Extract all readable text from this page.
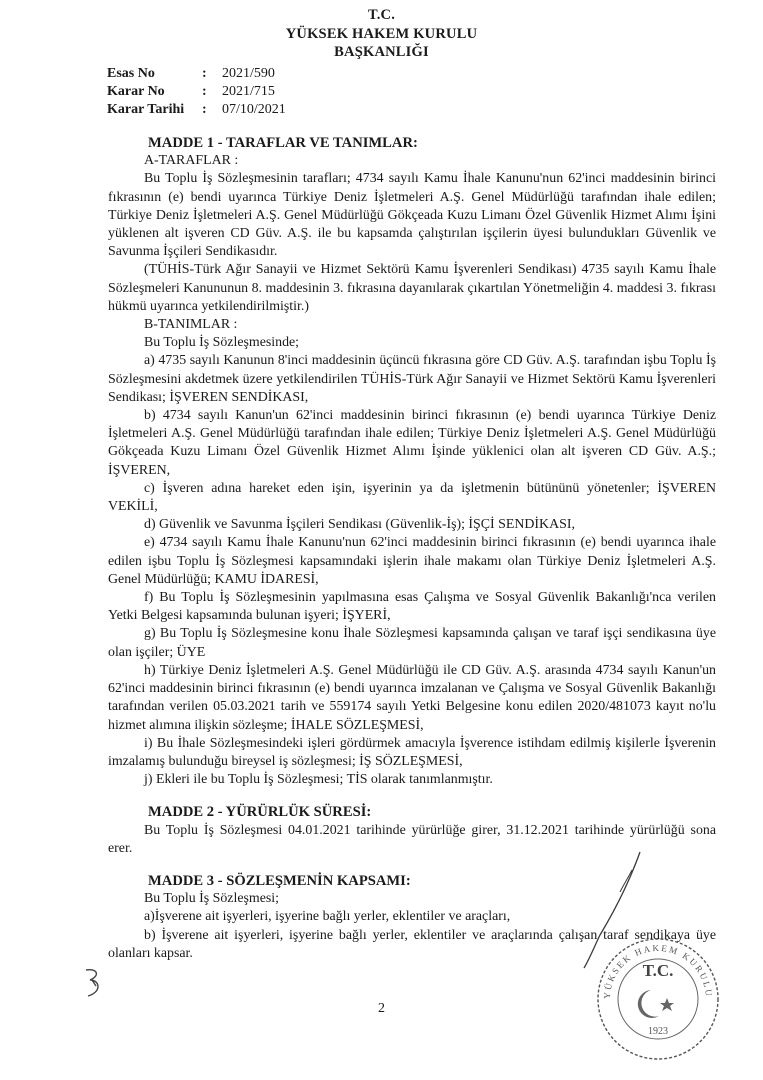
T.C.
YÜKSEK HAKEM KURULU
BAŞKANLIĞI
Esas No	:	2021/590
Karar No	:	2021/715
Karar Tarihi	:	07/10/2021
MADDE 1 - TARAFLAR VE TANIMLAR:

A-TARAFLAR :

Bu Toplu İş Sözleşmesinin tarafları; 4734 sayılı Kamu İhale Kanunu'nun 62'inci maddesinin birinci fıkrasının (e) bendi uyarınca Türkiye Deniz İşletmeleri A.Ş. Genel Müdürlüğü tarafından ihale edilen; Türkiye Deniz İşletmeleri A.Ş. Genel Müdürlüğü Gökçeada Kuzu Limanı Özel Güvenlik Hizmet Alımı İşini yüklenen alt işveren CD Güv. A.Ş. ile bu kapsamda çalıştırılan işçilerin üyesi bulundukları Güvenlik ve Savunma İşçileri Sendikasıdır.

(TÜHİS-Türk Ağır Sanayii ve Hizmet Sektörü Kamu İşverenleri Sendikası) 4735 sayılı Kamu İhale Sözleşmeleri Kanununun 8. maddesinin 3. fıkrasına dayanılarak çıkartılan Yönetmeliğin 4. maddesi 3. fıkrası hükmü uyarınca yetkilendirilmiştir.)

B-TANIMLAR :

Bu Toplu İş Sözleşmesinde;

a) 4735 sayılı Kanunun 8'inci maddesinin üçüncü fıkrasına göre CD Güv. A.Ş. tarafından işbu Toplu İş Sözleşmesini akdetmek üzere yetkilendirilen TÜHİS-Türk Ağır Sanayii ve Hizmet Sektörü Kamu İşverenleri Sendikası; İŞVEREN SENDİKASI,

b) 4734 sayılı Kanun'un 62'inci maddesinin birinci fıkrasının (e) bendi uyarınca Türkiye Deniz İşletmeleri A.Ş. Genel Müdürlüğü tarafından ihale edilen; Türkiye Deniz İşletmeleri A.Ş. Genel Müdürlüğü Gökçeada Kuzu Limanı Özel Güvenlik Hizmet Alımı İşinde yüklenici olan alt işveren CD Güv. A.Ş.; İŞVEREN,

c) İşveren adına hareket eden işin, işyerinin ya da işletmenin bütününü yönetenler; İŞVEREN VEKİLİ,

d) Güvenlik ve Savunma İşçileri Sendikası (Güvenlik-İş); İŞÇİ SENDİKASI,

e) 4734 sayılı Kamu İhale Kanunu'nun 62'inci maddesinin birinci fıkrasının (e) bendi uyarınca ihale edilen işbu Toplu İş Sözleşmesi kapsamındaki işlerin ihale makamı olan Türkiye Deniz İşletmeleri A.Ş. Genel Müdürlüğü; KAMU İDARESİ,

f) Bu Toplu İş Sözleşmesinin yapılmasına esas Çalışma ve Sosyal Güvenlik Bakanlığı'nca verilen Yetki Belgesi kapsamında bulunan işyeri; İŞYERİ,

g) Bu Toplu İş Sözleşmesine konu İhale Sözleşmesi kapsamında çalışan ve taraf işçi sendikasına üye olan işçiler; ÜYE

h) Türkiye Deniz İşletmeleri A.Ş. Genel Müdürlüğü ile CD Güv. A.Ş. arasında 4734 sayılı Kanun'un 62'inci maddesinin birinci fıkrasının (e) bendi uyarınca imzalanan ve Çalışma ve Sosyal Güvenlik Bakanlığı tarafından verilen 05.03.2021 tarih ve 559174 sayılı Yetki Belgesine konu edilen 2020/481073 kayıt no'lu hizmet alımına ilişkin sözleşme; İHALE SÖZLEŞMESİ,

i) Bu İhale Sözleşmesindeki işleri gördürmek amacıyla İşverence istihdam edilmiş kişilerle İşverenin imzalamış bulunduğu bireysel iş sözleşmesi; İŞ SÖZLEŞMESİ,

j) Ekleri ile bu Toplu İş Sözleşmesi; TİS olarak tanımlanmıştır.

MADDE 2 - YÜRÜRLÜK SÜRESİ:

Bu Toplu İş Sözleşmesi 04.01.2021 tarihinde yürürlüğe girer, 31.12.2021 tarihinde yürürlüğü sona erer.

MADDE 3 - SÖZLEŞMENİN KAPSAMI:

Bu Toplu İş Sözleşmesi;

a)İşverene ait işyerleri, işyerine bağlı yerler, eklentiler ve araçları,

b) İşverene ait işyerleri, işyerine bağlı yerler, eklentiler ve araçlarında çalışan taraf sendikaya üye olanları kapsar.

2
YÜKSEK HAKEM KURULU
T.C.
1923
